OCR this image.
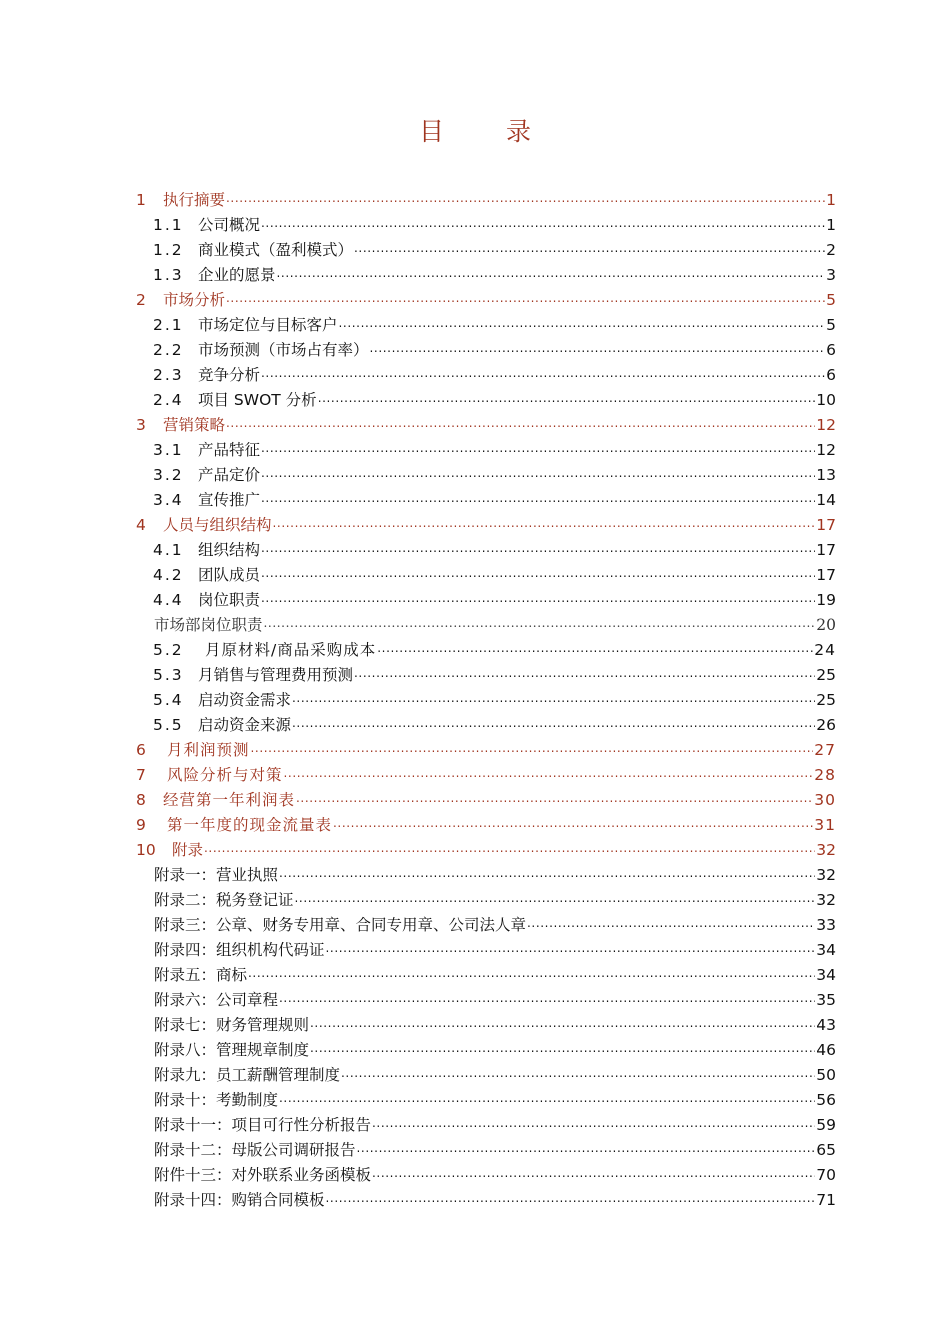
目 录
1	执行摘要 .....	1
1.1 公司概况 .....	1
1.2 商业模式（盈利模式） .....	2
1.3 企业的愿景 .....	3
2	市场分析 .....	5
2.1 市场定位与目标客户 .....	5
2.2 市场预测（市场占有率） .....	6
2.3 竞争分析 .....	6
2.4 项目 SWOT 分析 .....	10
3	营销策略 .....	12
3.1 产品特征 .....	12
3.2 产品定价 .....	13
3.4 宣传推广 .....	14
4	人员与组织结构 .....	17
4.1 组织结构 .....	17
4.2 团队成员 .....	17
4.4 岗位职责 .....	19
市场部岗位职责 .....	20
5.2	月原材料/商品采购成本 .....	24
5.3 月销售与管理费用预测 .....	25
5.4 启动资金需求 .....	25
5.5 启动资金来源 .....	26
6	月利润预测 .....	27
7	风险分析与对策 .....	28
8	经营第一年利润表 .....	30
9	第一年度的现金流量表 .....	31
10	附录 .....	32
附录一：营业执照 .....	32
附录二：税务登记证 .....	32
附录三：公章、财务专用章、合同专用章、公司法人章 .....	33
附录四：组织机构代码证 .....	34
附录五：商标 .....	34
附录六：公司章程 .....	35
附录七：财务管理规则 .....	43
附录八：管理规章制度 .....	46
附录九：员工薪酬管理制度 .....	50
附录十：考勤制度 .....	56
附录十一：项目可行性分析报告 .....	59
附录十二：母版公司调研报告 .....	65
附件十三：对外联系业务函模板 .....	70
附录十四：购销合同模板 .....	71
